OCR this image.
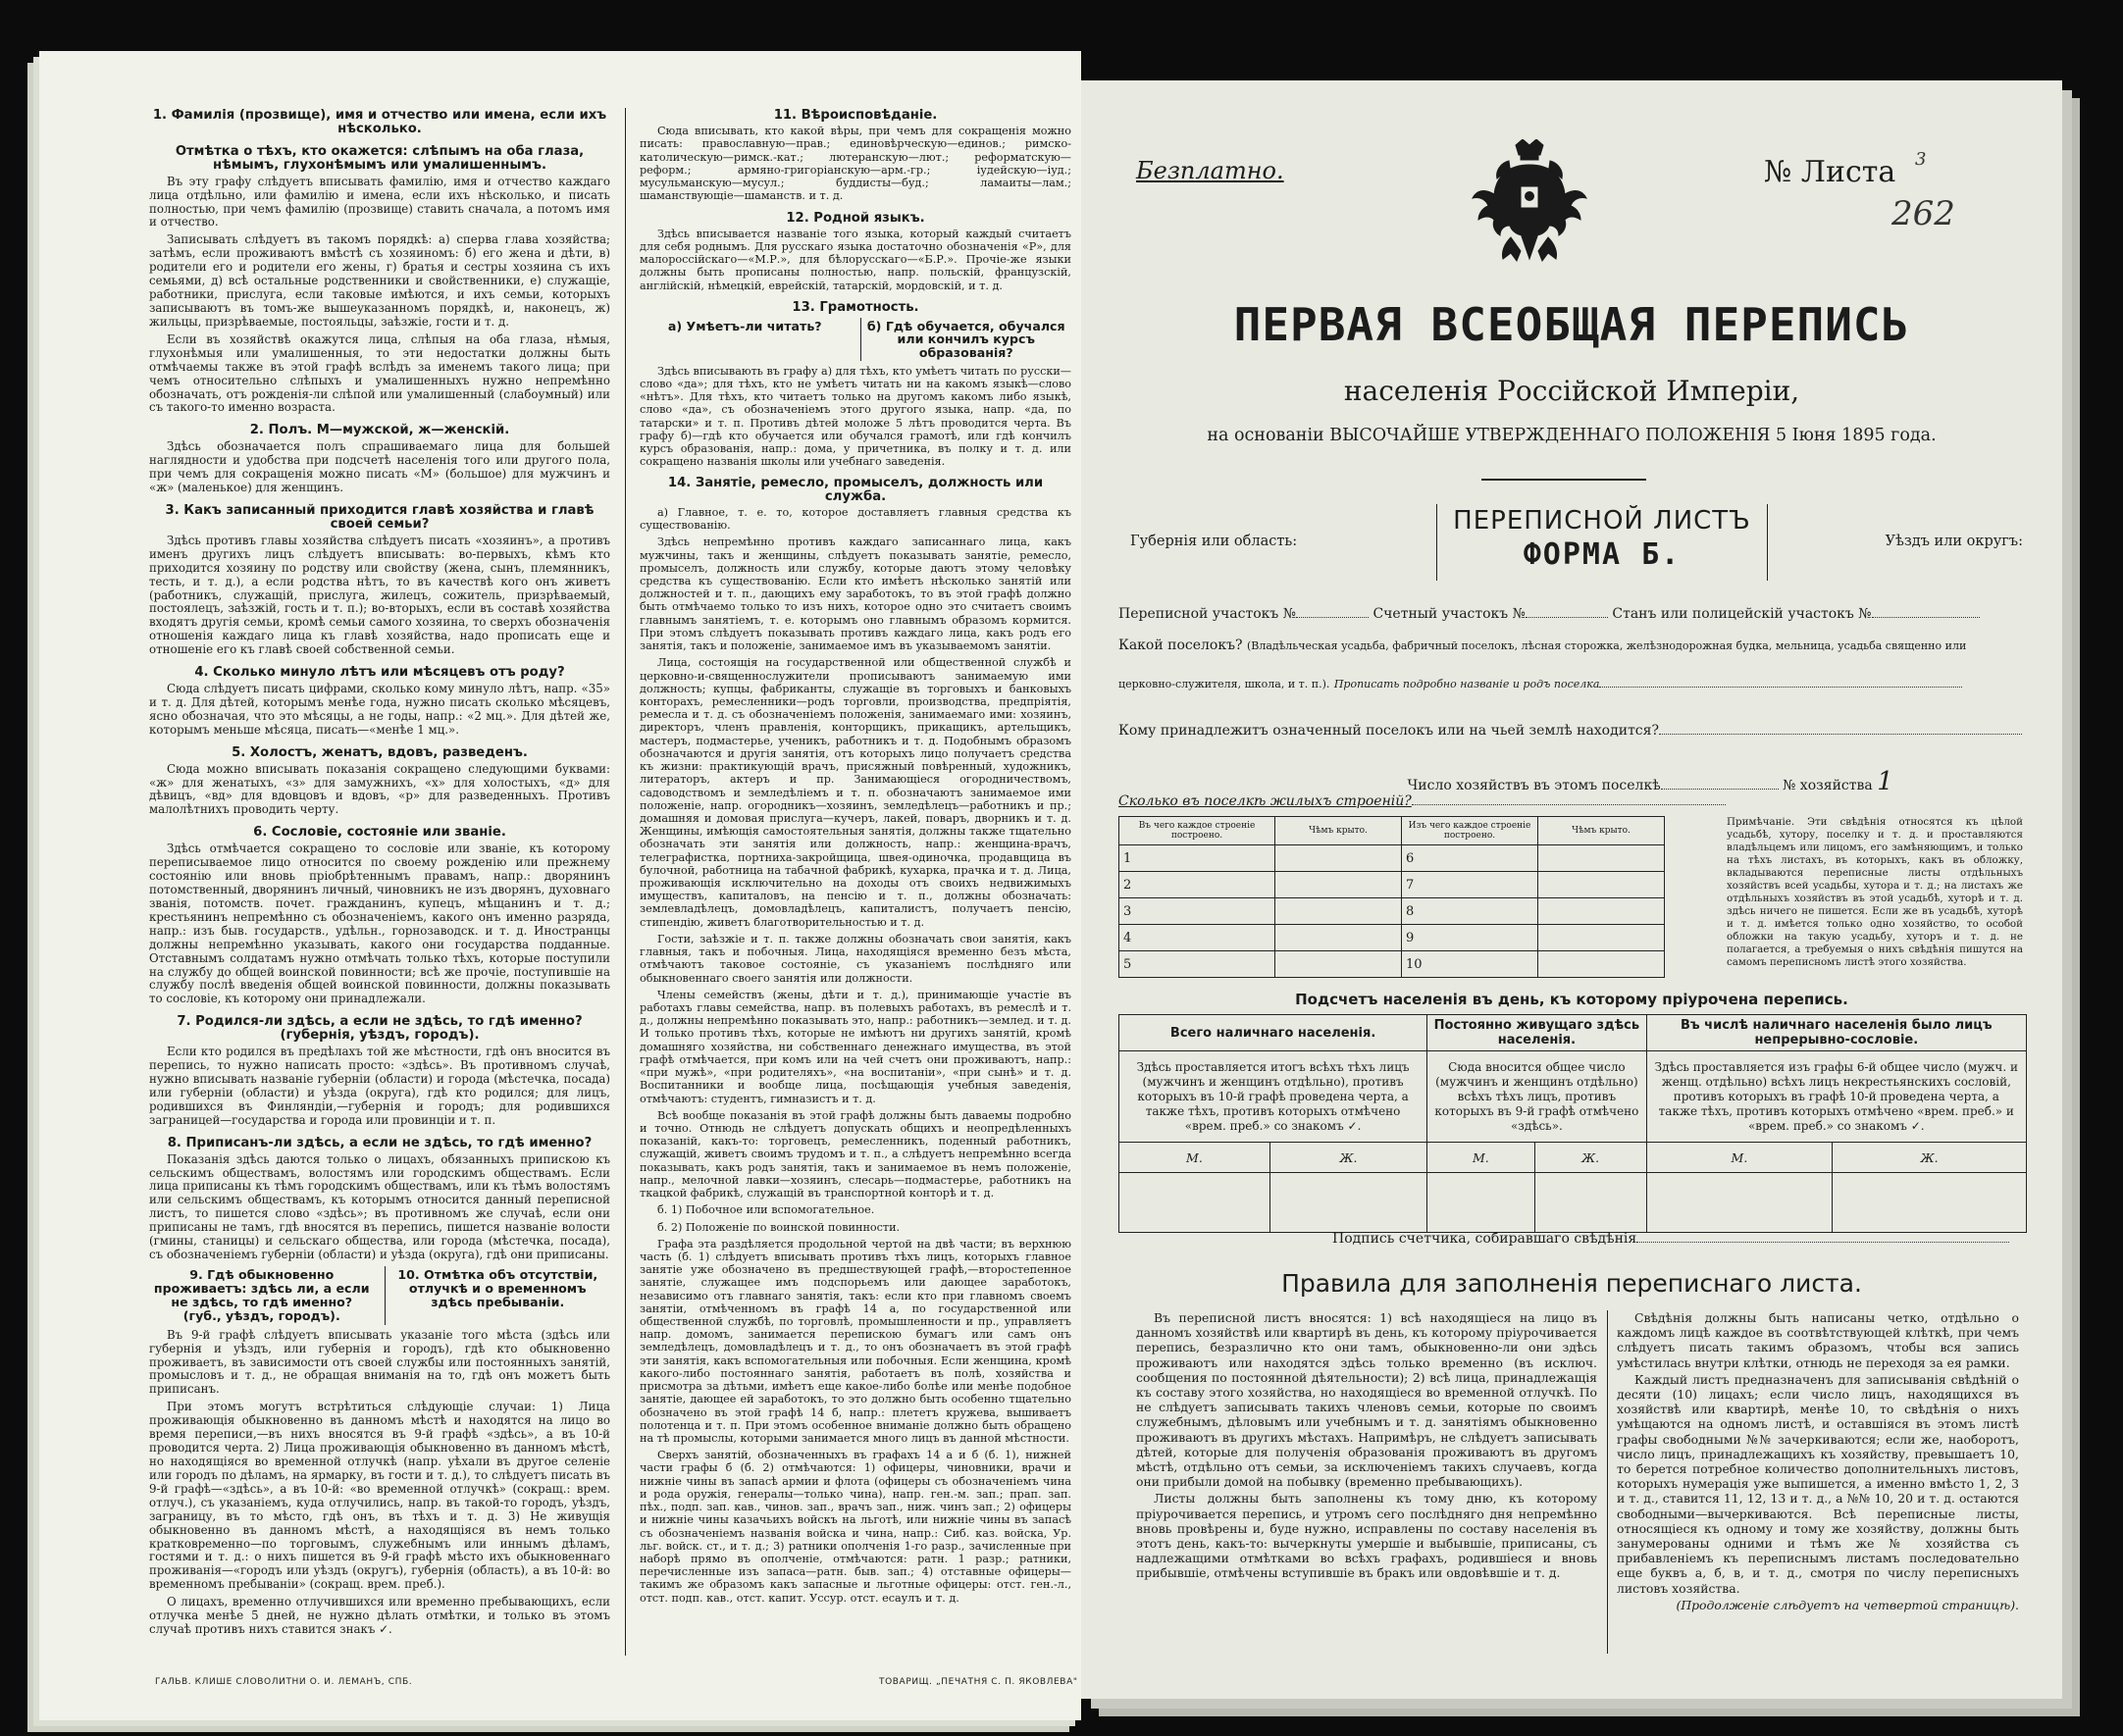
1. Фамилія (прозвище), имя и отчество или имена, если ихъ нѣсколько.
Отмѣтка о тѣхъ, кто окажется: слѣпымъ на оба глаза, нѣмымъ, глухонѣмымъ или умалишеннымъ.

Въ эту графу слѣдуетъ вписывать фамилію, имя и отчество каждаго лица отдѣльно, или фамилію и имена, если ихъ нѣсколько, и писать полностью, при чемъ фамилію (прозвище) ставить сначала, а потомъ имя и отчество.

Записывать слѣдуетъ въ такомъ порядкѣ: а) сперва глава хозяйства; затѣмъ, если проживаютъ вмѣстѣ съ хозяиномъ: б) его жена и дѣти, в) родители его и родители его жены, г) братья и сестры хозяина съ ихъ семьями, д) всѣ остальные родственники и свойственники, е) служащіе, работники, прислуга, если таковые имѣются, и ихъ семьи, которыхъ записываютъ въ томъ-же вышеуказанномъ порядкѣ, и, наконецъ, ж) жильцы, призрѣваемые, постояльцы, заѣзжіе, гости и т. д.

Если въ хозяйствѣ окажутся лица, слѣпыя на оба глаза, нѣмыя, глухонѣмыя или умалишенныя, то эти недостатки должны быть отмѣчаемы также въ этой графѣ вслѣдъ за именемъ такого лица; при чемъ относительно слѣпыхъ и умалишенныхъ нужно непремѣнно обозначать, отъ рожденія-ли слѣпой или умалишенный (слабоумный) или съ такого-то именно возраста.

2. Полъ. М—мужской, ж—женскій.

Здѣсь обозначается полъ спрашиваемаго лица для большей наглядности и удобства при подсчетѣ населенія того или другого пола, при чемъ для сокращенія можно писать «М» (большое) для мужчинъ и «ж» (маленькое) для женщинъ.

3. Какъ записанный приходится главѣ хозяйства и главѣ своей семьи?

Здѣсь противъ главы хозяйства слѣдуетъ писать «хозяинъ», а противъ именъ другихъ лицъ слѣдуетъ вписывать: во-первыхъ, кѣмъ кто приходится хозяину по родству или свойству (жена, сынъ, племянникъ, тесть, и т. д.), а если родства нѣтъ, то въ качествѣ кого онъ живетъ (работникъ, служащій, прислуга, жилецъ, сожитель, призрѣваемый, постоялецъ, заѣзжій, гость и т. п.); во-вторыхъ, если въ составѣ хозяйства входятъ другія семьи, кромѣ семьи самого хозяина, то сверхъ обозначенія отношенія каждаго лица къ главѣ хозяйства, надо прописать еще и отношеніе его къ главѣ своей собственной семьи.

4. Сколько минуло лѣтъ или мѣсяцевъ отъ роду?

Сюда слѣдуетъ писать цифрами, сколько кому минуло лѣтъ, напр. «35» и т. д. Для дѣтей, которымъ менѣе года, нужно писать сколько мѣсяцевъ, ясно обозначая, что это мѣсяцы, а не годы, напр.: «2 мц.». Для дѣтей же, которымъ меньше мѣсяца, писать—«менѣе 1 мц.».

5. Холостъ, женатъ, вдовъ, разведенъ.

Сюда можно вписывать показанія сокращено следующими буквами: «ж» для женатыхъ, «з» для замужнихъ, «х» для холостыхъ, «д» для дѣвицъ, «вд» для вдовцовъ и вдовъ, «р» для разведенныхъ. Противъ малолѣтнихъ проводить черту.

6. Сословіе, состояніе или званіе.

Здѣсь отмѣчается сокращено то сословіе или званіе, къ которому переписываемое лицо относится по своему рожденію или прежнему состоянію или вновь пріобрѣтеннымъ правамъ, напр.: дворянинъ потомственный, дворянинъ личный, чиновникъ не изъ дворянъ, духовнаго званія, потомств. почет. гражданинъ, купецъ, мѣщанинъ и т. д.; крестьянинъ непремѣнно съ обозначеніемъ, какого онъ именно разряда, напр.: изъ быв. государств., удѣльн., горнозаводск. и т. д. Иностранцы должны непремѣнно указывать, какого они государства подданные. Отставнымъ солдатамъ нужно отмѣчать только тѣхъ, которые поступили на службу до общей воинской повинности; всѣ же прочіе, поступившіе на службу послѣ введенія общей воинской повинности, должны показывать то сословіе, къ которому они принадлежали.

7. Родился-ли здѣсь, а если не здѣсь, то гдѣ именно? (губернія, уѣздъ, городъ).

Если кто родился въ предѣлахъ той же мѣстности, гдѣ онъ вносится въ перепись, то нужно написать просто: «здѣсь». Въ противномъ случаѣ, нужно вписывать названіе губерніи (области) и города (мѣстечка, посада) или губерніи (области) и уѣзда (округа), гдѣ кто родился; для лицъ, родившихся въ Финляндіи,—губернія и городъ; для родившихся заграницей—государства и города или провинціи и т. п.

8. Приписанъ-ли здѣсь, а если не здѣсь, то гдѣ именно?

Показанія здѣсь даются только о лицахъ, обязанныхъ припискою къ сельскимъ обществамъ, волостямъ или городскимъ обществамъ. Если лица приписаны къ тѣмъ городскимъ обществамъ, или къ тѣмъ волостямъ или сельскимъ обществамъ, къ которымъ относится данный переписной листъ, то пишется слово «здѣсь»; въ противномъ же случаѣ, если они приписаны не тамъ, гдѣ вносятся въ перепись, пишется названіе волости (гмины, станицы) и сельскаго общества, или города (мѣстечка, посада), съ обозначеніемъ губерніи (области) и уѣзда (округа), гдѣ они приписаны.

9. Гдѣ обыкновенно проживаетъ: здѣсь ли, а если не здѣсь, то гдѣ именно? (губ., уѣздъ, городъ).
10. Отмѣтка объ отсутствіи, отлучкѣ и о временномъ здѣсь пребываніи.

Въ 9-й графѣ слѣдуетъ вписывать указаніе того мѣста (здѣсь или губернія и уѣздъ, или губернія и городъ), гдѣ кто обыкновенно проживаетъ, въ зависимости отъ своей службы или постоянныхъ занятій, промысловъ и т. д., не обращая вниманія на то, гдѣ онъ можетъ быть приписанъ.

При этомъ могутъ встрѣтиться слѣдующіе случаи: 1) Лица проживающія обыкновенно въ данномъ мѣстѣ и находятся на лицо во время переписи,—въ нихъ вносятся въ 9-й графѣ «здѣсь», а въ 10-й проводится черта. 2) Лица проживающія обыкновенно въ данномъ мѣстѣ, но находящіяся во временной отлучкѣ (напр. уѣхали въ другое селеніе или городъ по дѣламъ, на ярмарку, въ гости и т. д.), то слѣдуетъ писать въ 9-й графѣ—«здѣсь», а въ 10-й: «во временной отлучкѣ» (сокращ.: врем. отлуч.), съ указаніемъ, куда отлучились, напр. въ такой-то городъ, уѣздъ, заграницу, въ то мѣсто, гдѣ онъ, въ тѣхъ и т. д. 3) Не живущія обыкновенно въ данномъ мѣстѣ, а находящіяся въ немъ только кратковременно—по торговымъ, служебнымъ или иннымъ дѣламъ, гостями и т. д.: о нихъ пишется въ 9-й графѣ мѣсто ихъ обыкновеннаго проживанія—«городъ или уѣздъ (округъ), губернія (область), а въ 10-й: во временномъ пребываніи» (сокращ. врем. преб.).

О лицахъ, временно отлучившихся или временно пребывающихъ, если отлучка менѣе 5 дней, не нужно дѣлать отмѣтки, и только въ этомъ случаѣ противъ нихъ ставится знакъ ✓.

11. Вѣроисповѣданіе.

Сюда вписывать, кто какой вѣры, при чемъ для сокращенія можно писать: православную—прав.; единовѣрческую—единов.; римско-католическую—римск.-кат.; лютеранскую—лют.; реформатскую—реформ.; армяно-григоріанскую—арм.-гр.; іудейскую—іуд.; мусульманскую—мусул.; буддисты—буд.; ламаиты—лам.; шаманствующіе—шаманств. и т. д.

12. Родной языкъ.

Здѣсь вписывается названіе того языка, который каждый считаетъ для себя роднымъ. Для русскаго языка достаточно обозначенія «Р», для малороссійскаго—«М.Р.», для бѣлорусскаго—«Б.Р.». Прочіе-же языки должны быть прописаны полностью, напр. польскій, французскій, англійскій, нѣмецкій, еврейскій, татарскій, мордовскій, и т. д.

13. Грамотность.
а) Умѣетъ-ли читать?	б) Гдѣ обучается, обучался или кончилъ курсъ образованія?

Здѣсь вписывають въ графу а) для тѣхъ, кто умѣетъ читать по русски—слово «да»; для тѣхъ, кто не умѣетъ читать ни на какомъ языкѣ—слово «нѣтъ». Для тѣхъ, кто читаетъ только на другомъ какомъ либо языкѣ, слово «да», съ обозначеніемъ этого другого языка, напр. «да, по татарски» и т. п. Противъ дѣтей моложе 5 лѣтъ проводится черта. Въ графу б)—гдѣ кто обучается или обучался грамотѣ, или гдѣ кончилъ курсъ образованія, напр.: дома, у причетника, въ полку и т. д. или сокращено названія школы или учебнаго заведенія.

14. Занятіе, ремесло, промыселъ, должность или служба.

а) Главное, т. е. то, которое доставляетъ главныя средства къ существованію.

Здѣсь непремѣнно противъ каждаго записаннаго лица, какъ мужчины, такъ и женщины, слѣдуетъ показывать занятіе, ремесло, промыселъ, должность или службу, которые даютъ этому человѣку средства къ существованію. Если кто имѣетъ нѣсколько занятій или должностей и т. п., дающихъ ему заработокъ, то въ этой графѣ должно быть отмѣчаемо только то изъ нихъ, которое одно это считаетъ своимъ главнымъ занятіемъ, т. е. которымъ оно главнымъ образомъ кормится. При этомъ слѣдуетъ показывать противъ каждаго лица, какъ родъ его занятія, такъ и положеніе, занимаемое имъ въ указываемомъ занятіи.

Лица, состоящія на государственной или общественной службѣ и церковно-и-священнослужители прописываютъ занимаемую ими должность; купцы, фабриканты, служащіе въ торговыхъ и банковыхъ конторахъ, ремесленники—родъ торговли, производства, предпріятія, ремесла и т. д. съ обозначеніемъ положенія, занимаемаго ими: хозяинъ, директоръ, членъ правленія, конторщикъ, прикащикъ, артельщикъ, мастеръ, подмастерье, ученикъ, работникъ и т. д. Подобнымъ образомъ обозначаются и другія занятія, отъ которыхъ лицо получаетъ средства къ жизни: практикующій врачъ, присяжный повѣренный, художникъ, литераторъ, актеръ и пр. Занимающіеся огородничествомъ, садоводствомъ и земледѣліемъ и т. п. обозначаютъ занимаемое ими положеніе, напр. огородникъ—хозяинъ, земледѣлецъ—работникъ и пр.; домашняя и домовая прислуга—кучеръ, лакей, поваръ, дворникъ и т. д. Женщины, имѣющія самостоятельныя занятія, должны также тщательно обозначать эти занятія или должность, напр.: женщина-врачъ, телеграфистка, портниха-закройщица, швея-одиночка, продавщица въ булочной, работница на табачной фабрикѣ, кухарка, прачка и т. д. Лица, проживающія исключительно на доходы отъ своихъ недвижимыхъ имуществъ, капиталовъ, на пенсію и т. п., должны обозначать: землевладѣлецъ, домовладѣлецъ, капиталистъ, получаетъ пенсію, стипендію, живетъ благотворительностью и т. д.

Гости, заѣзжіе и т. п. также должны обозначать свои занятія, какъ главныя, такъ и побочныя. Лица, находящіяся временно безъ мѣста, отмѣчаютъ таковое состояніе, съ указаніемъ послѣдняго или обыкновеннаго своего занятія или должности.

Члены семействъ (жены, дѣти и т. д.), принимающіе участіе въ работахъ главы семейства, напр. въ полевыхъ работахъ, въ ремеслѣ и т. д., должны непремѣнно показывать это, напр.: работникъ—землед. и т. д. И только противъ тѣхъ, которые не имѣютъ ни другихъ занятій, кромѣ домашняго хозяйства, ни собственнаго денежнаго имущества, въ этой графѣ отмѣчается, при комъ или на чей счетъ они проживаютъ, напр.: «при мужѣ», «при родителяхъ», «на воспитаніи», «при сынѣ» и т. д. Воспитанники и вообще лица, посѣщающія учебныя заведенія, отмѣчаютъ: студентъ, гимназистъ и т. д.

Всѣ вообще показанія въ этой графѣ должны быть даваемы подробно и точно. Отнюдь не слѣдуетъ допускать общихъ и неопредѣленныхъ показаній, какъ-то: торговецъ, ремесленникъ, поденный работникъ, служащій, живетъ своимъ трудомъ и т. п., а слѣдуетъ непремѣнно всегда показывать, какъ родъ занятія, такъ и занимаемое въ немъ положеніе, напр., мелочной лавки—хозяинъ, слесарь—подмастерье, работникъ на ткацкой фабрикѣ, служащій въ транспортной конторѣ и т. д.

б. 1) Побочное или вспомогательное.

б. 2) Положеніе по воинской повинности.

Графа эта раздѣляется продольной чертой на двѣ части; въ верхнюю часть (б. 1) слѣдуетъ вписывать противъ тѣхъ лицъ, которыхъ главное занятіе уже обозначено въ предшествующей графѣ,—второстепенное занятіе, служащее имъ подспорьемъ или дающее заработокъ, независимо отъ главнаго занятія, такъ: если кто при главномъ своемъ занятіи, отмѣченномъ въ графѣ 14 а, по государственной или общественной службѣ, по торговлѣ, промышленности и пр., управляетъ напр. домомъ, занимается перепискою бумагъ или самъ онъ земледѣлецъ, домовладѣлецъ и т. д., то онъ обозначаетъ въ этой графѣ эти занятія, какъ вспомогательныя или побочныя. Если женщина, кромѣ какого-либо постояннаго занятія, работаетъ въ полѣ, хозяйства и присмотра за дѣтьми, имѣетъ еще какое-либо болѣе или менѣе подобное занятіе, дающее ей заработокъ, то это должно быть особенно тщательно обозначено въ этой графѣ 14 б, напр.: плететъ кружева, вышиваетъ полотенца и т. п. При этомъ особенное вниманіе должно быть обращено на тѣ промыслы, которыми занимается много лицъ въ данной мѣстности.

Сверхъ занятій, обозначенныхъ въ графахъ 14 а и б (б. 1), нижней части графы б (б. 2) отмѣчаются: 1) офицеры, чиновники, врачи и нижніе чины въ запасѣ армии и флота (офицеры съ обозначеніемъ чина и рода оружія, генералы—только чина), напр. ген.-м. зап.; прап. зап. пѣх., подп. зап. кав., чинов. зап., врачъ зап., ниж. чинъ зап.; 2) офицеры и нижніе чины казачьихъ войскъ на льготѣ, или нижніе чины въ запасѣ съ обозначеніемъ названія войска и чина, напр.: Сиб. каз. войска, Ур. льг. войск. ст., и т. д.; 3) ратники ополченія 1-го разр., зачисленные при наборѣ прямо въ ополченіе, отмѣчаются: ратн. 1 разр.; ратники, перечисленные изъ запаса—ратн. быв. зап.; 4) отставные офицеры—такимъ же образомъ какъ запасные и льготные офицеры: отст. ген.-л., отст. подп. кав., отст. капит. Уссур. отст. есаулъ и т. д.

ГАЛЬВ. КЛИШЕ СЛОВОЛИТНИ О. И. ЛЕМАНЪ, СПБ.	ТОВАРИЩ. „ПЕЧАТНЯ С. П. ЯКОВЛЕВА"
Безплатно.	№ Листа 3
262
ПЕРВАЯ ВСЕОБЩАЯ ПЕРЕПИСЬ
населенія Россійской Имперіи,
на основаніи ВЫСОЧАЙШЕ УТВЕРЖДЕННАГО ПОЛОЖЕНІЯ 5 Іюня 1895 года.
Губернія или область:
ПЕРЕПИСНОЙ ЛИСТЪ
ФОРМА Б.	Уѣздъ или округъ:
Переписной участокъ №	Счетный участокъ №	Станъ или полицейскій участокъ №
Какой поселокъ? (Владѣльческая усадьба, фабричный поселокъ, лѣсная сторожка, желѣзнодорожная будка, мельница, усадьба священно или
церковно-служителя, школа, и т. п.). Прописать подробно названіе и родъ поселка
Кому принадлежитъ означенный поселокъ или на чьей землѣ находится?
Число хозяйствъ въ этомъ поселкѣ	№ хозяйства 1
Сколько въ поселкѣ жилыхъ строеній?
Въ чего каждое строеніе построено.	Чѣмъ крыто.	Изъ чего каждое строеніе построено.	Чѣмъ крыто.
1		6	
2		7	
3		8	
4		9	
5		10	
Примѣчаніе. Эти свѣдѣнія относятся къ цѣлой усадьбѣ, хутору, поселку и т. д. и проставляются владѣльцемъ или лицомъ, его замѣняющимъ, и только на тѣхъ листахъ, въ которыхъ, какъ въ обложку, вкладываются переписные листы отдѣльныхъ хозяйствъ всей усадьбы, хутора и т. д.; на листахъ же отдѣльныхъ хозяйствъ въ этой усадьбѣ, хуторѣ и т. д. здѣсь ничего не пишется. Если же въ усадьбѣ, хуторѣ и т. д. имѣется только одно хозяйство, то особой обложки на такую усадьбу, хуторъ и т. д. не полагается, а требуемыя о нихъ свѣдѣнія пишутся на самомъ переписномъ листѣ этого хозяйства.
Подсчетъ населенія въ день, къ которому пріурочена перепись.
Всего наличнаго населенія.		Постоянно живущаго здѣсь населенія.		Въ числѣ наличнаго населенія было лицъ непрерывно-сословіе.	
Здѣсь проставляется итогъ всѣхъ тѣхъ лицъ (мужчинъ и женщинъ отдѣльно), противъ которыхъ въ 10-й графѣ проведена черта, а также тѣхъ, противъ которыхъ отмѣчено «врем. преб.» со знакомъ ✓.		Сюда вносится общее число (мужчинъ и женщинъ отдѣльно) всѣхъ тѣхъ лицъ, противъ которыхъ въ 9-й графѣ отмѣчено «здѣсь».		Здѣсь проставляется изъ графы 6-й общее число (мужч. и женщ. отдѣльно) всѣхъ лицъ некрестьянскихъ сословій, противъ которыхъ въ графѣ 10-й проведена черта, а также тѣхъ, противъ которыхъ отмѣчено «врем. преб.» и «врем. преб.» со знакомъ ✓.	
М.	Ж.	М.	Ж.	М.	Ж.

Подпись счетчика, собиравшаго свѣдѣнія
Правила для заполненія переписнаго листа.

Въ переписной листъ вносятся: 1) всѣ находящіеся на лицо въ данномъ хозяйствѣ или квартирѣ въ день, къ которому пріурочивается перепись, безразлично кто они тамъ, обыкновенно-ли они здѣсь проживаютъ или находятся здѣсь только временно (въ исключ. сообщения по постоянной дѣятельности); 2) всѣ лица, принадлежащія къ составу этого хозяйства, но находящіеся во временной отлучкѣ. По не слѣдуетъ записывать такихъ членовъ семьи, которые по своимъ служебнымъ, дѣловымъ или учебнымъ и т. д. занятіямъ обыкновенно проживаютъ въ другихъ мѣстахъ. Напримѣръ, не слѣдуетъ записывать дѣтей, которые для полученія образованія проживаютъ въ другомъ мѣстѣ, отдѣльно отъ семьи, за исключеніемъ такихъ случаевъ, когда они прибыли домой на побывку (временно пребывающихъ).

Листы должны быть заполнены къ тому дню, къ которому пріурочивается перепись, и утромъ сего послѣдняго дня непремѣнно вновь провѣрены и, буде нужно, исправлены по составу населенія въ этотъ день, какъ-то: вычеркнуты умершіе и выбывшіе, приписаны, съ надлежащими отмѣтками во всѣхъ графахъ, родившіеся и вновь прибывшіе, отмѣчены вступившіе въ бракъ или овдовѣвшіе и т. д.

Свѣдѣнія должны быть написаны четко, отдѣльно о каждомъ лицѣ каждое въ соотвѣтствующей клѣткѣ, при чемъ слѣдуетъ писать такимъ образомъ, чтобы вся запись умѣстилась внутри клѣтки, отнюдь не переходя за ея рамки.

Каждый листъ предназначенъ для записыванія свѣдѣній о десяти (10) лицахъ; если число лицъ, находящихся въ хозяйствѣ или квартирѣ, менѣе 10, то свѣдѣнія о нихъ умѣщаются на одномъ листѣ, и оставшіяся въ этомъ листѣ графы свободными №№ зачеркиваются; если же, наоборотъ, число лицъ, принадлежащихъ къ хозяйству, превышаетъ 10, то берется потребное количество дополнительныхъ листовъ, которыхъ нумерація уже выпишется, а именно вмѣсто 1, 2, 3 и т. д., ставится 11, 12, 13 и т. д., а №№ 10, 20 и т. д. остаются свободными—вычеркиваются. Всѣ переписные листы, относящіеся къ одному и тому же хозяйству, должны быть занумерованы одними и тѣмъ же № хозяйства съ прибавленіемъ къ переписнымъ листамъ последовательно еще буквъ а, б, в, и т. д., смотря по числу переписныхъ листовъ хозяйства.

(Продолженіе слѣдуетъ на четвертой страницѣ).
